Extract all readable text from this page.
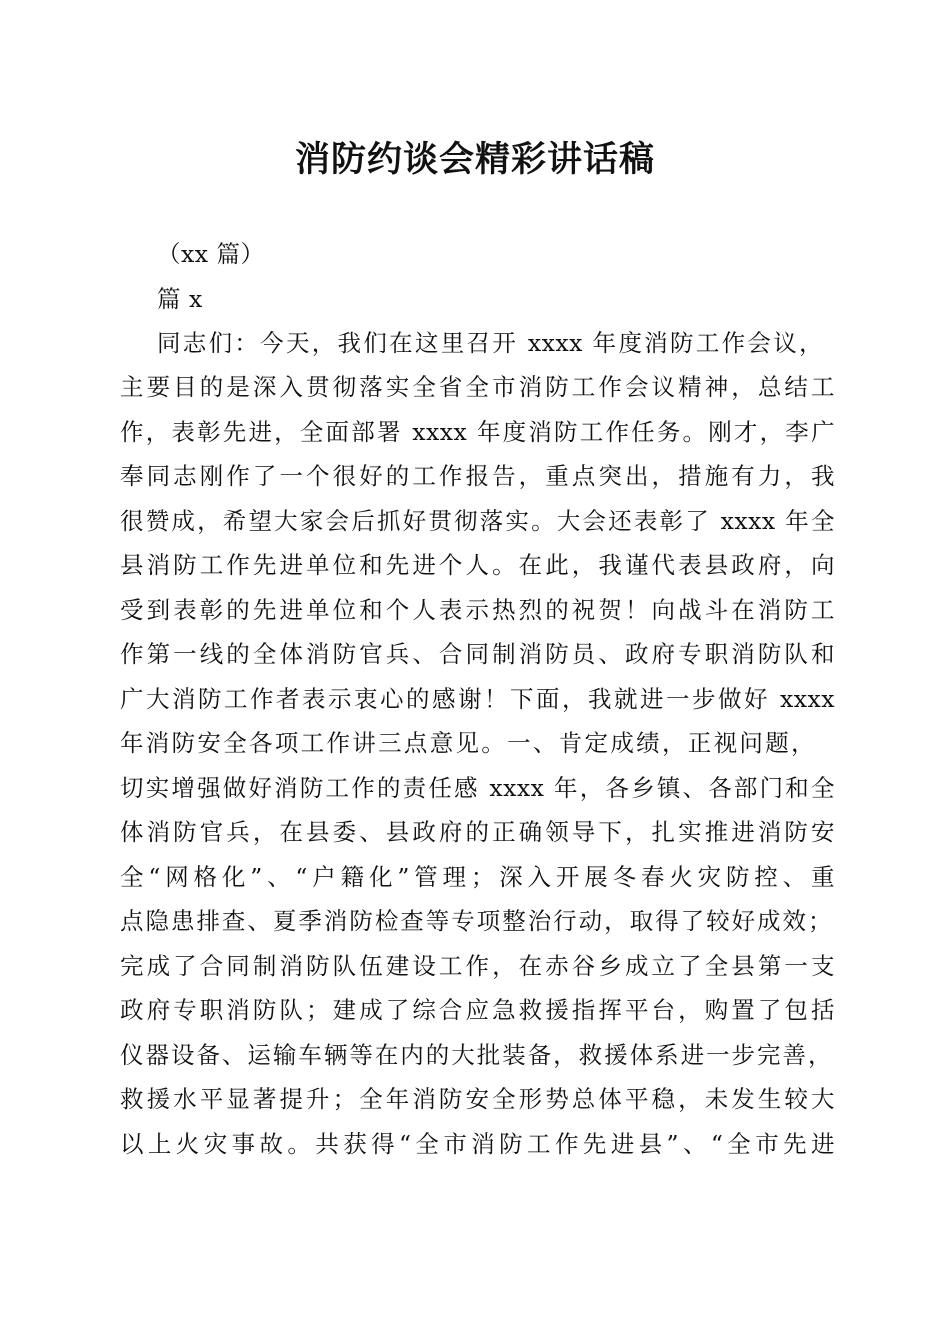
消防约谈会精彩讲话稿
（xx 篇）
篇 x
同志们：今天，我们在这里召开 xxxx 年度消防工作会议，
主要目的是深入贯彻落实全省全市消防工作会议精神，总结工
作，表彰先进，全面部署 xxxx 年度消防工作任务。刚才，李广
奉同志刚作了一个很好的工作报告，重点突出，措施有力，我
很赞成，希望大家会后抓好贯彻落实。大会还表彰了 xxxx 年全
县消防工作先进单位和先进个人。在此，我谨代表县政府，向
受到表彰的先进单位和个人表示热烈的祝贺！向战斗在消防工
作第一线的全体消防官兵、合同制消防员、政府专职消防队和
广大消防工作者表示衷心的感谢！下面，我就进一步做好 xxxx
年消防安全各项工作讲三点意见。一、肯定成绩，正视问题，
切实增强做好消防工作的责任感 xxxx 年，各乡镇、各部门和全
体消防官兵，在县委、县政府的正确领导下，扎实推进消防安
全“网格化”、“户籍化”管理；深入开展冬春火灾防控、重
点隐患排查、夏季消防检查等专项整治行动，取得了较好成效；
完成了合同制消防队伍建设工作，在赤谷乡成立了全县第一支
政府专职消防队；建成了综合应急救援指挥平台，购置了包括
仪器设备、运输车辆等在内的大批装备，救援体系进一步完善，
救援水平显著提升；全年消防安全形势总体平稳，未发生较大
以上火灾事故。共获得“全市消防工作先进县”、“全市先进
